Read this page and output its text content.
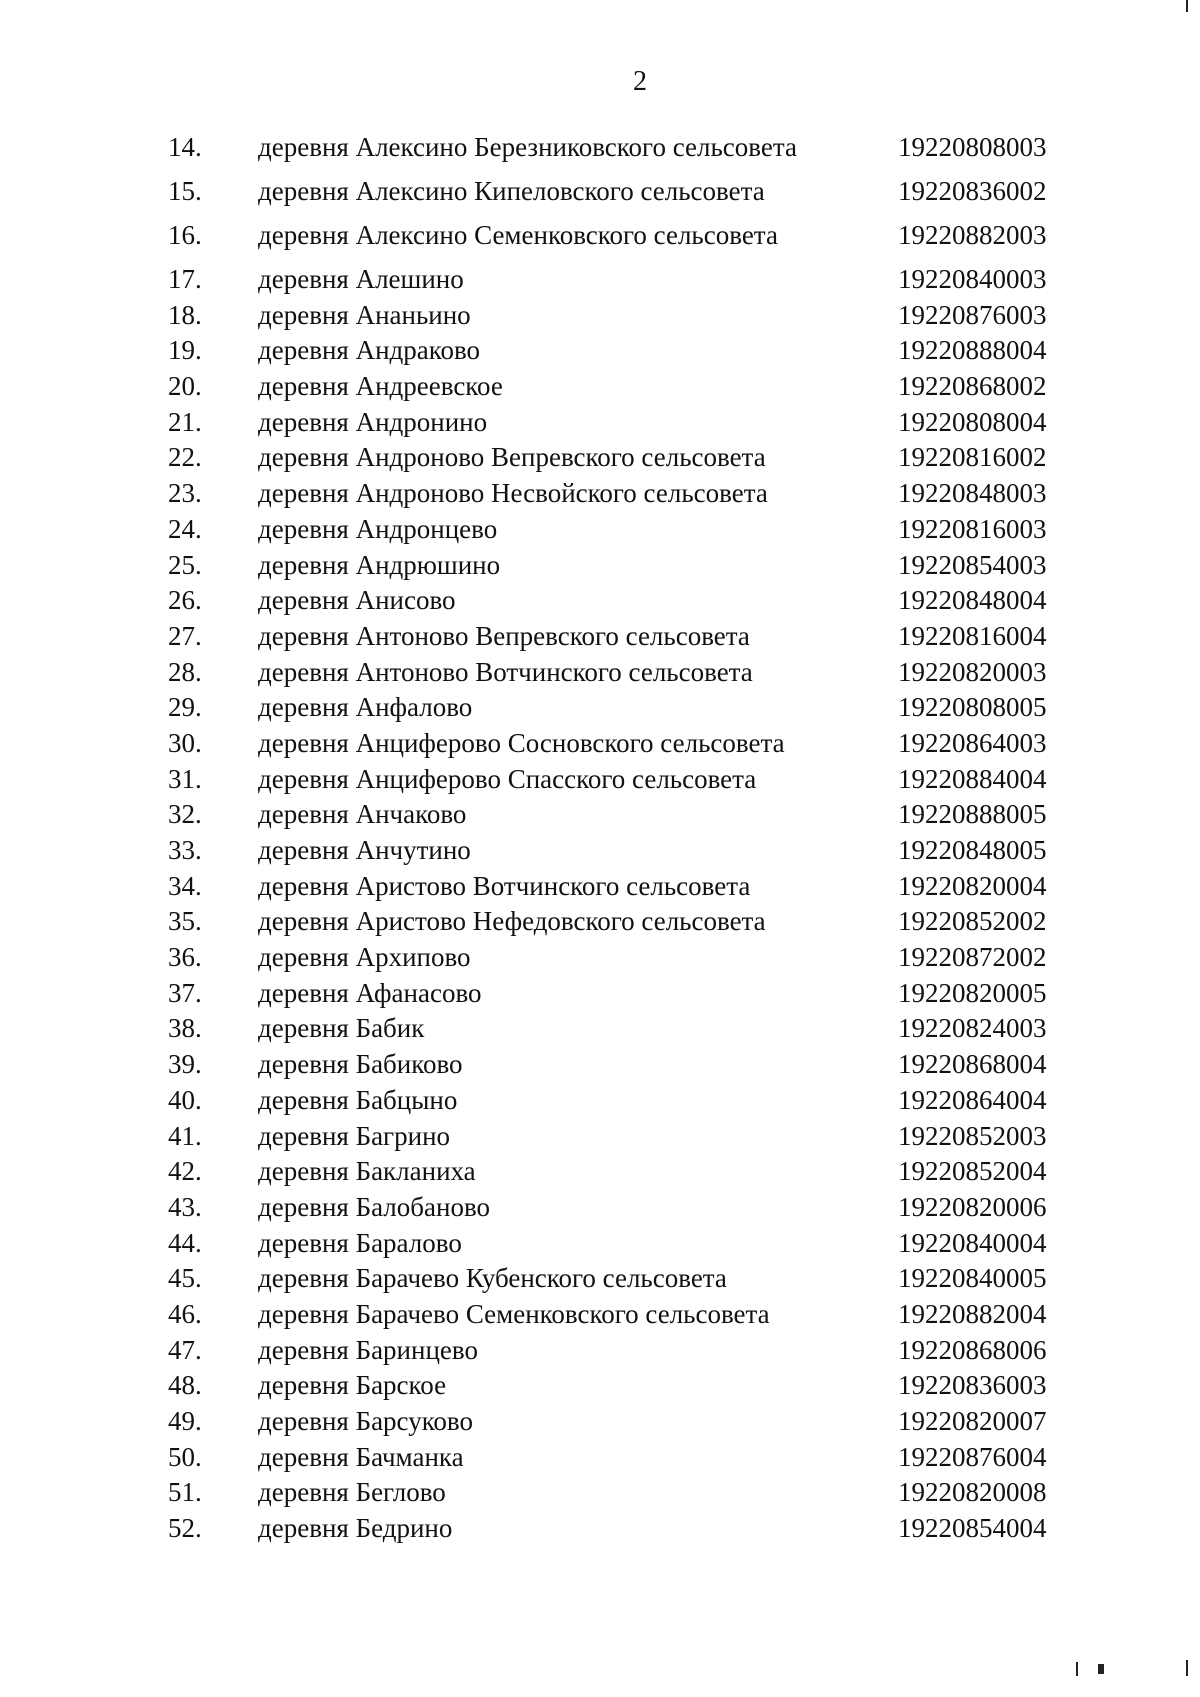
2
14. деревня Алексино Березниковского сельсовета	19220808003
15. деревня Алексино Кипеловского сельсовета	19220836002
16. деревня Алексино Семенковского сельсовета	19220882003
17. деревня Алешино	19220840003
18. деревня Ананьино	19220876003
19. деревня Андраково	19220888004
20. деревня Андреевское	19220868002
21. деревня Андронино	19220808004
22. деревня Андроново Вепревского сельсовета	19220816002
23. деревня Андроново Несвойского сельсовета	19220848003
24. деревня Андронцево	19220816003
25. деревня Андрюшино	19220854003
26. деревня Анисово	19220848004
27. деревня Антоново Вепревского сельсовета	19220816004
28. деревня Антоново Вотчинского сельсовета	19220820003
29. деревня Анфалово	19220808005
30. деревня Анциферово Сосновского сельсовета	19220864003
31. деревня Анциферово Спасского сельсовета	19220884004
32. деревня Анчаково	19220888005
33. деревня Анчутино	19220848005
34. деревня Аристово Вотчинского сельсовета	19220820004
35. деревня Аристово Нефедовского сельсовета	19220852002
36. деревня Архипово	19220872002
37. деревня Афанасово	19220820005
38. деревня Бабик	19220824003
39. деревня Бабиково	19220868004
40. деревня Бабцыно	19220864004
41. деревня Багрино	19220852003
42. деревня Бакланиха	19220852004
43. деревня Балобаново	19220820006
44. деревня Баралово	19220840004
45. деревня Барачево Кубенского сельсовета	19220840005
46. деревня Барачево Семенковского сельсовета	19220882004
47. деревня Баринцево	19220868006
48. деревня Барское	19220836003
49. деревня Барсуково	19220820007
50. деревня Бачманка	19220876004
51. деревня Беглово	19220820008
52. деревня Бедрино	19220854004
